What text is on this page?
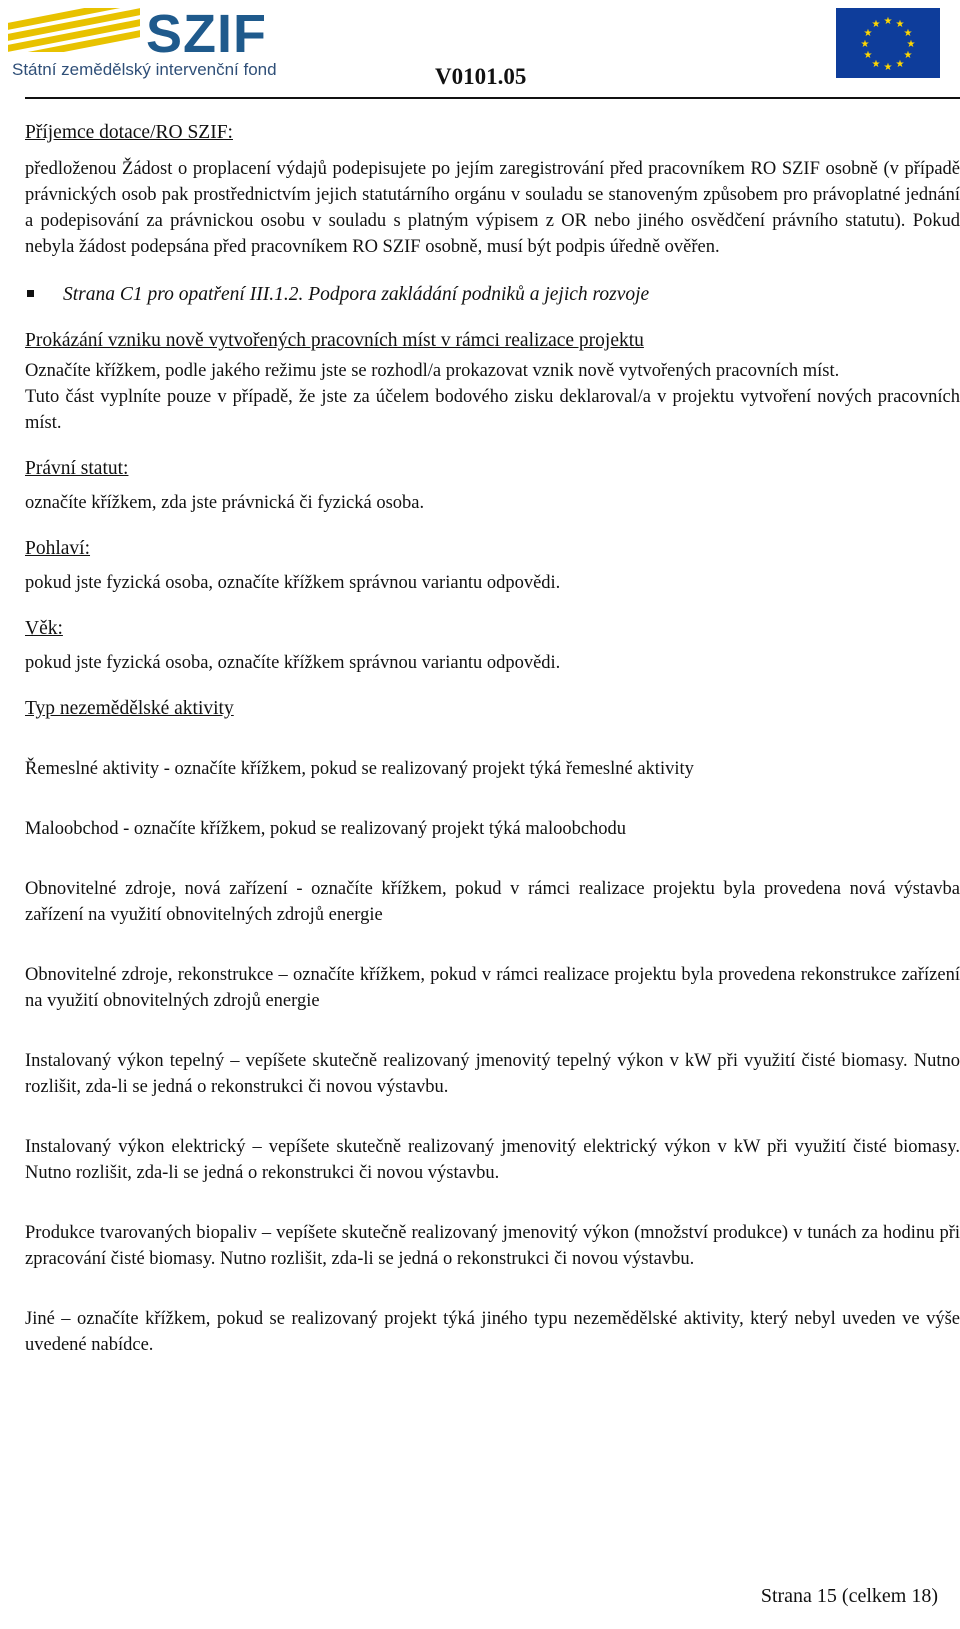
SZIF
Státní zemědělský intervenční fond	V0101.05
★ ★
★
★
★
★
★
★
★
★
★
★

Příjemce dotace/RO SZIF:

předloženou Žádost o proplacení výdajů podepisujete po jejím zaregistrování před pracovníkem RO SZIF osobně (v případě právnických osob pak prostřednictvím jejich statutárního orgánu v souladu se stanoveným způsobem pro právoplatné jednání a podepisování za právnickou osobu v souladu s platným výpisem z OR nebo jiného osvědčení právního statutu). Pokud nebyla žádost podepsána před pracovníkem RO SZIF osobně, musí být podpis úředně ověřen.

Strana C1 pro opatření III.1.2. Podpora zakládání podniků a jejich rozvoje

Prokázání vzniku nově vytvořených pracovních míst v rámci realizace projektu

Označíte křížkem, podle jakého režimu jste se rozhodl/a prokazovat vznik nově vytvořených pracovních míst.

Tuto část vyplníte pouze v případě, že jste za účelem bodového zisku deklaroval/a v projektu vytvoření nových pracovních míst.

Právní statut:

označíte křížkem, zda jste právnická či fyzická osoba.

Pohlaví:

pokud jste fyzická osoba, označíte křížkem správnou variantu odpovědi.

Věk:

pokud jste fyzická osoba, označíte křížkem správnou variantu odpovědi.

Typ nezemědělské aktivity

Řemeslné aktivity - označíte křížkem, pokud se realizovaný projekt týká řemeslné aktivity

Maloobchod - označíte křížkem, pokud se realizovaný projekt týká maloobchodu

Obnovitelné zdroje, nová zařízení - označíte křížkem, pokud v rámci realizace projektu byla provedena nová výstavba zařízení na využití obnovitelných zdrojů energie

Obnovitelné zdroje, rekonstrukce – označíte křížkem, pokud v rámci realizace projektu byla provedena rekonstrukce zařízení na využití obnovitelných zdrojů energie

Instalovaný výkon tepelný – vepíšete skutečně realizovaný jmenovitý tepelný výkon v kW při využití čisté biomasy. Nutno rozlišit, zda-li se jedná o rekonstrukci či novou výstavbu.

Instalovaný výkon elektrický – vepíšete skutečně realizovaný jmenovitý elektrický výkon v kW při využití čisté biomasy. Nutno rozlišit, zda-li se jedná o rekonstrukci či novou výstavbu.

Produkce tvarovaných biopaliv – vepíšete skutečně realizovaný jmenovitý výkon (množství produkce) v tunách za hodinu při zpracování čisté biomasy. Nutno rozlišit, zda-li se jedná o rekonstrukci či novou výstavbu.

Jiné – označíte křížkem, pokud se realizovaný projekt týká jiného typu nezemědělské aktivity, který nebyl uveden ve výše uvedené nabídce.

Strana 15 (celkem 18)
